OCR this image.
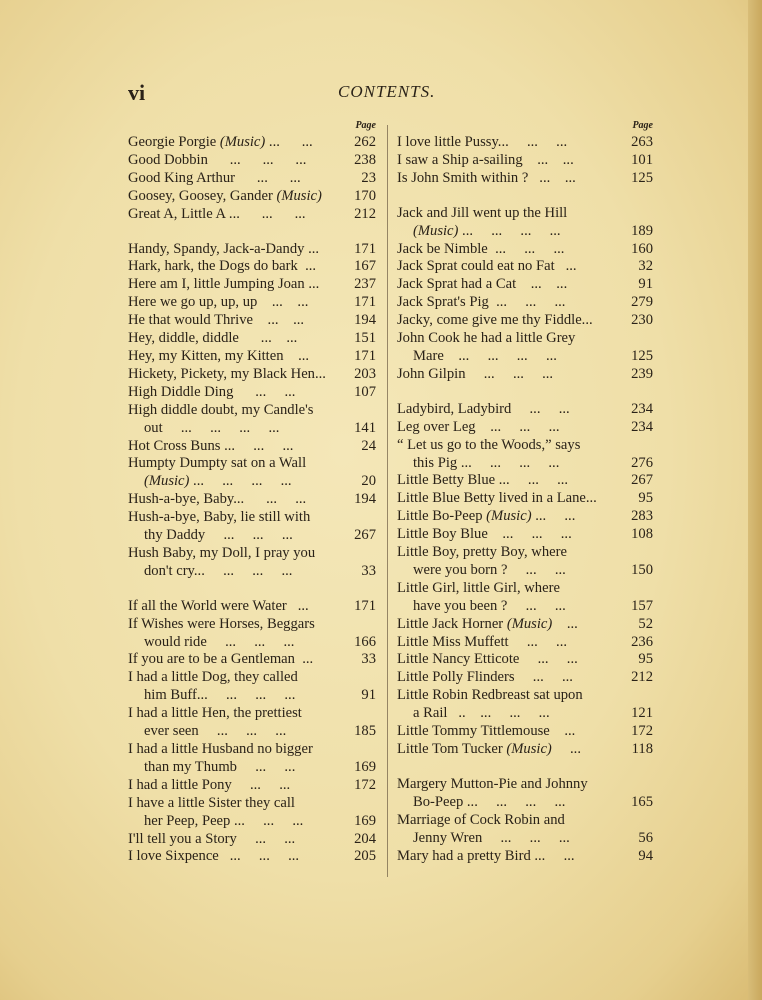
vi	CONTENTS.
Page
Georgie Porgie (Music) ...      ...	262
Good Dobbin      ...      ...      ...	238
Good King Arthur      ...      ...	23
Goosey, Goosey, Gander (Music)	170
Great A, Little A ...      ...      ...	212
Handy, Spandy, Jack-a-Dandy ...	171
Hark, hark, the Dogs do bark  ...	167
Here am I, little Jumping Joan ...	237
Here we go up, up, up    ...    ...	171
He that would Thrive    ...    ...	194
Hey, diddle, diddle      ...    ...	151
Hey, my Kitten, my Kitten    ...	171
Hickety, Pickety, my Black Hen...	203
High Diddle Ding      ...     ...	107
High diddle doubt, my Candle's
out     ...     ...     ...     ...	141
Hot Cross Buns ...     ...     ...	24
Humpty Dumpty sat on a Wall
(Music) ...     ...     ...     ...	20
Hush-a-bye, Baby...      ...     ...	194
Hush-a-bye, Baby, lie still with
thy Daddy     ...     ...     ...	267
Hush Baby, my Doll, I pray you
don't cry...     ...     ...     ...	33
If all the World were Water   ...	171
If Wishes were Horses, Beggars
would ride     ...     ...     ...	166
If you are to be a Gentleman  ...	33
I had a little Dog, they called
him Buff...     ...     ...     ...	91
I had a little Hen, the prettiest
ever seen     ...     ...     ...	185
I had a little Husband no bigger
than my Thumb     ...     ...	169
I had a little Pony     ...     ...	172
I have a little Sister they call
her Peep, Peep ...     ...     ...	169
I'll tell you a Story     ...     ...	204
I love Sixpence   ...     ...     ...	205
Page
I love little Pussy...     ...     ...	263
I saw a Ship a-sailing    ...    ...	101
Is John Smith within ?   ...    ...	125
Jack and Jill went up the Hill
(Music) ...     ...     ...     ...	189
Jack be Nimble  ...     ...     ...	160
Jack Sprat could eat no Fat   ...	32
Jack Sprat had a Cat    ...    ...	91
Jack Sprat's Pig  ...     ...     ...	279
Jacky, come give me thy Fiddle...	230
John Cook he had a little Grey
Mare    ...     ...     ...     ...	125
John Gilpin     ...     ...     ...	239
Ladybird, Ladybird     ...     ...	234
Leg over Leg    ...     ...     ...	234
“ Let us go to the Woods,” says
this Pig ...     ...     ...     ...	276
Little Betty Blue ...     ...     ...	267
Little Blue Betty lived in a Lane...	95
Little Bo-Peep (Music) ...     ...	283
Little Boy Blue    ...     ...     ...	108
Little Boy, pretty Boy, where
were you born ?     ...     ...	150
Little Girl, little Girl, where
have you been ?     ...     ...	157
Little Jack Horner (Music)    ...	52
Little Miss Muffett     ...     ...	236
Little Nancy Etticote     ...     ...	95
Little Polly Flinders     ...     ...	212
Little Robin Redbreast sat upon
a Rail   ..    ...     ...     ...	121
Little Tommy Tittlemouse    ...	172
Little Tom Tucker (Music)     ...	118
Margery Mutton-Pie and Johnny
Bo-Peep ...     ...     ...     ...	165
Marriage of Cock Robin and
Jenny Wren     ...     ...     ...	56
Mary had a pretty Bird ...     ...	94
